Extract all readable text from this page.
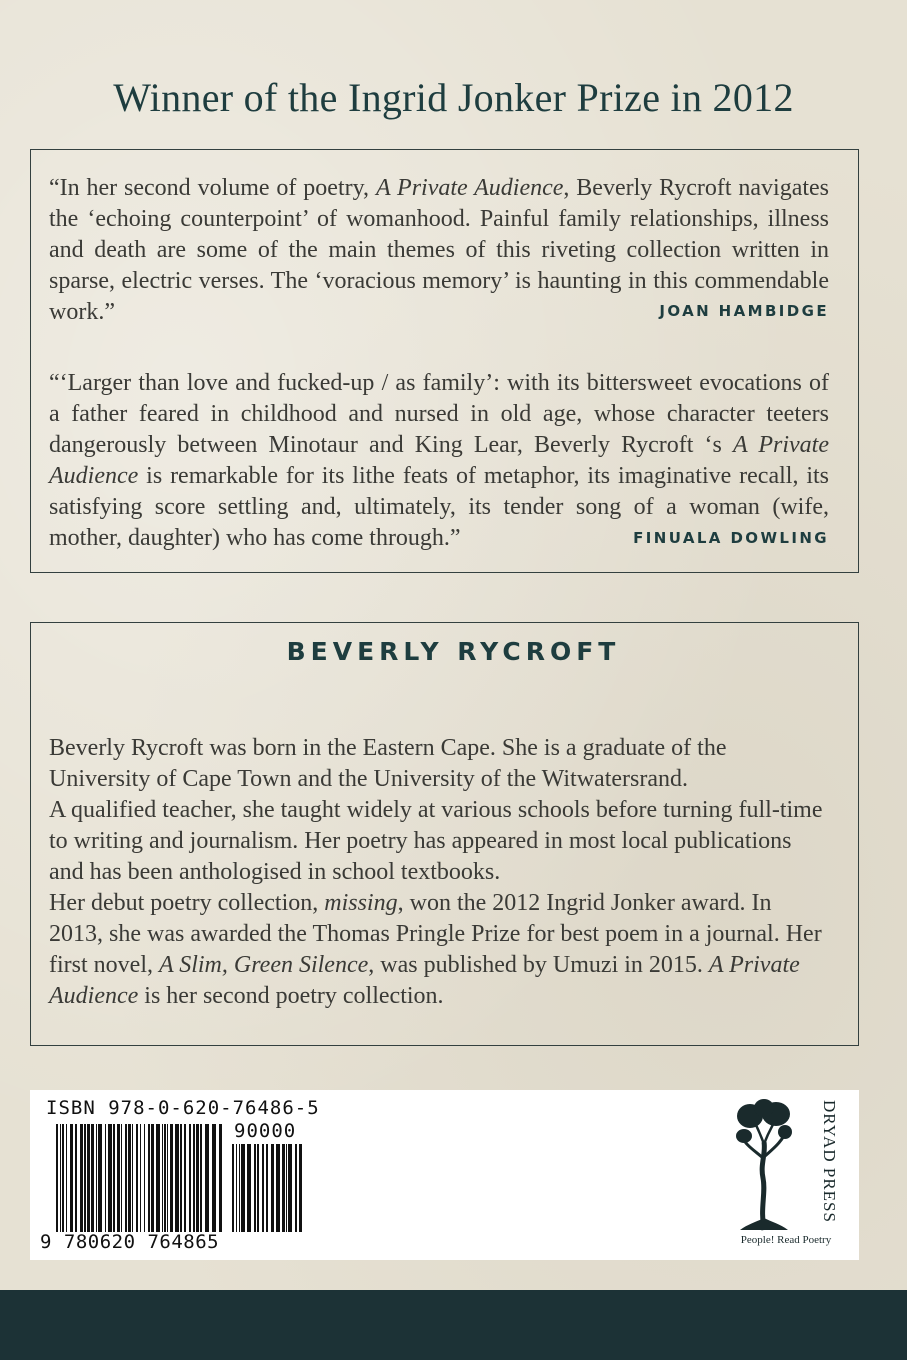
Winner of the Ingrid Jonker Prize in 2012
“In her second volume of poetry, A Private Audience, Beverly Rycroft navigates the ‘echoing counterpoint’ of womanhood. Painful family relationships, illness and death are some of the main themes of this riveting collection written in sparse, electric verses. The ‘voracious memory’ is haunting in this commendable work.”	JOAN HAMBIDGE
“‘Larger than love and fucked-up / as family’: with its bittersweet evocations of a father feared in childhood and nursed in old age, whose character teeters dangerously between Minotaur and King Lear, Beverly Rycroft ‘s A Private Audience is remarkable for its lithe feats of metaphor, its imaginative recall, its satisfying score settling and, ultimately, its tender song of a woman (wife, mother, daughter) who has come through.”	FINUALA DOWLING
BEVERLY RYCROFT
Beverly Rycroft was born in the Eastern Cape. She is a graduate of the University of Cape Town and the University of the Witwatersrand.
A qualified teacher, she taught widely at various schools before turning full-time to writing and journalism. Her poetry has appeared in most local publications and has been anthologised in school textbooks.
Her debut poetry collection, missing, won the 2012 Ingrid Jonker award. In 2013, she was awarded the Thomas Pringle Prize for best poem in a journal. Her first novel, A Slim, Green Silence, was published by Umuzi in 2015. A Private Audience is her second poetry collection.
ISBN 978-0-620-76486-5
90000
9 780620 764865
DRYAD PRESS
People! Read Poetry
